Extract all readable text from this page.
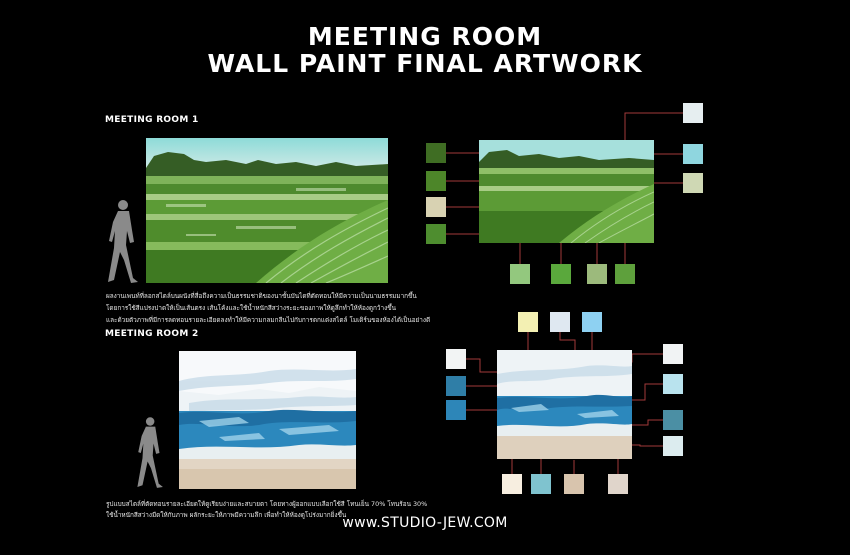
MEETING ROOM
WALL PAINT FINAL ARTWORK
MEETING ROOM 1
ผลงานเพนท์ที่ลอกสไตล์บนผนังที่สื่อถึงความเป็นธรรมชาติของนาขั้นบันไดที่ตัดทอนให้มีความเป็นนามธรรมมากขึ้น
โดยการใช้สีแปรงปาดให้เป็นเส้นตรง เส้นโค้งและใช้น้ำหนักสีสว่างระยะของภาพให้ดูลึกทำให้ห้องดูกว้างขึ้น
และด้วยตัวภาพที่มีการลดทอนรายละเอียดลงทำให้มีความกลมกลืนไปกับการตกแต่งสไตล์ โมเดิร์นของห้องได้เป็นอย่างดี
MEETING ROOM 2
รูปแบบสไตล์ที่ตัดทอนรายละเอียดให้ดูเรียบง่ายและสบายตา โดยทางผู้ออกแบบเลือกใช้สี โทนเย็น 70% โทนร้อน 30%
ใช้น้ำหนักสีสว่างมืดให้กับภาพ ผลักระยะให้ภาพมีความลึก เพื่อทำให้ห้องดูโปร่งมากยิ่งขึ้น
www.STUDIO-JEW.COM
